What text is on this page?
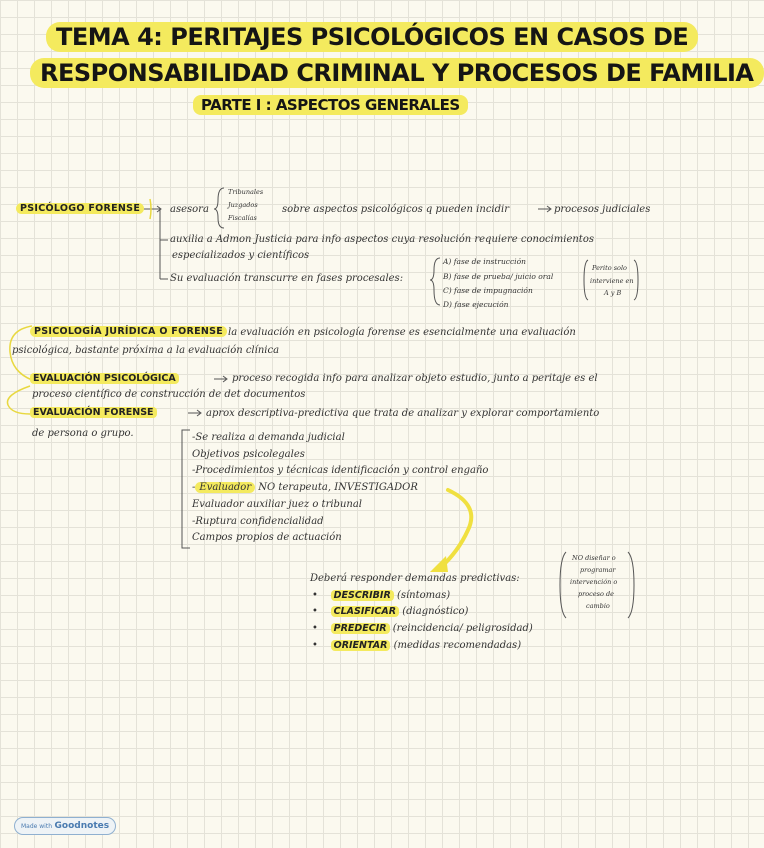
TEMA 4: PERITAJES PSICOLÓGICOS EN CASOS DE
RESPONSABILIDAD CRIMINAL Y PROCESOS DE FAMILIA
PARTE I : ASPECTOS GENERALES
PSICÓLOGO FORENSE	asesora
Tribunales
Juzgados
Fiscalías
sobre aspectos psicológicos q pueden incidir	procesos judiciales
auxilia a Admon Justicia para info aspectos cuya resolución requiere conocimientos
especializados y científicos
Su evaluación transcurre en fases procesales:
A) fase de instrucción
B) fase de prueba/ juicio oral
C) fase de impugnación
D) fase ejecución
Perito solo
interviene en
A y B
PSICOLOGÍA JURÍDICA O FORENSE la evaluación en psicología forense es esencialmente una evaluación
psicológica, bastante próxima a la evaluación clínica
EVALUACIÓN PSICOLÓGICA	proceso recogida info para analizar objeto estudio, junto a peritaje es el
proceso científico de construcción de det documentos
EVALUACIÓN FORENSE	aprox descriptiva-predictiva que trata de analizar y explorar comportamiento
de persona o grupo.	-Se realiza a demanda judicial
Objetivos psicolegales
-Procedimientos y técnicas identificación y control engaño
- Evaluador NO terapeuta, INVESTIGADOR
Evaluador auxiliar juez o tribunal
-Ruptura confidencialidad
Campos propios de actuación
Deberá responder demandas predictivas:
•    DESCRIBIR (síntomas)
•    CLASIFICAR (diagnóstico)
•    PREDECIR (reincidencia/ peligrosidad)
•    ORIENTAR (medidas recomendadas)
NO diseñar o
programar
intervención o
proceso de
cambio
Made with Goodnotes
